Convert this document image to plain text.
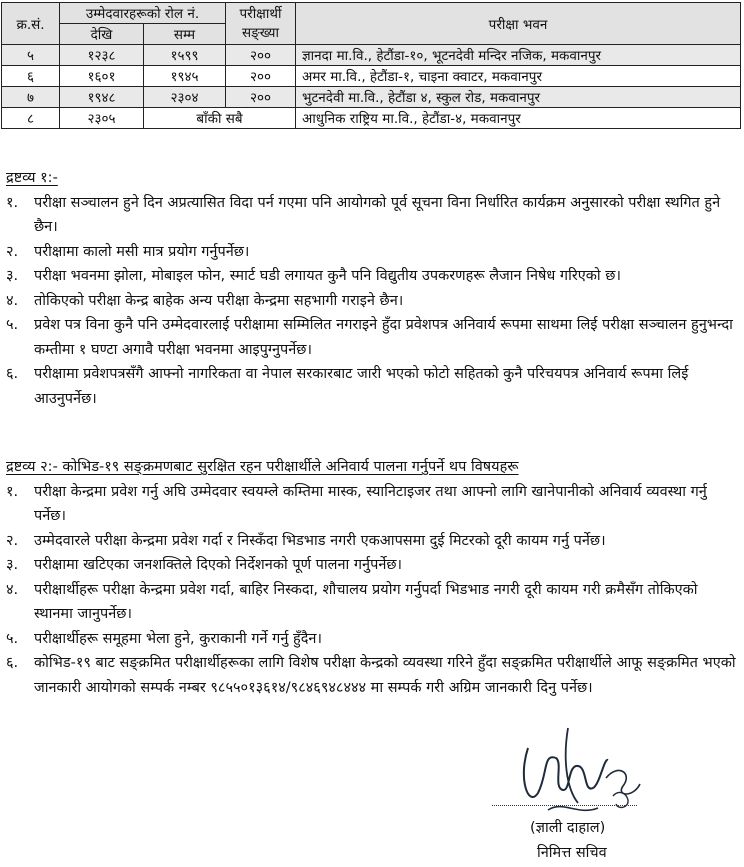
क्र.सं.	उम्मेदवारहरूको रोल नं.		परीक्षार्थी सङ्ख्या	परीक्षा भवन
	देखि	सम्म		
५	१२३८	१५९९	२००	ज्ञानदा मा.वि., हेटौंडा-१०, भूटनदेवी मन्दिर नजिक, मकवानपुर
६	१६०१	१९४५	२००	अमर मा.वि., हेटौंडा-१, चाइना क्वाटर, मकवानपुर
७	१९४८	२३०४	२००	भुटनदेवी मा.वि., हेटौंडा ४, स्कुल रोड, मकवानपुर
८	२३०५	बाँकी सबै		आधुनिक राष्ट्रिय मा.वि., हेटौंडा-४, मकवानपुर

द्रष्टव्य १:-

१.	परीक्षा सञ्चालन हुने दिन अप्रत्यासित विदा पर्न गएमा पनि आयोगको पूर्व सूचना विना निर्धारित कार्यक्रम अनुसारको परीक्षा स्थगित हुने छैन।
२.	परीक्षामा कालो मसी मात्र प्रयोग गर्नुपर्नेछ।
३.	परीक्षा भवनमा झोला, मोबाइल फोन, स्मार्ट घडी लगायत कुनै पनि विद्युतीय उपकरणहरू लैजान निषेध गरिएको छ।
४.	तोकिएको परीक्षा केन्द्र बाहेक अन्य परीक्षा केन्द्रमा सहभागी गराइने छैन।
५.	प्रवेश पत्र विना कुनै पनि उम्मेदवारलाई परीक्षामा सम्मिलित नगराइने हुँदा प्रवेशपत्र अनिवार्य रूपमा साथमा लिई परीक्षा सञ्चालन हुनुभन्दा कम्तीमा १ घण्टा अगावै परीक्षा भवनमा आइपुग्नुपर्नेछ।
६.	परीक्षामा प्रवेशपत्रसँगै आफ्नो नागरिकता वा नेपाल सरकारबाट जारी भएको फोटो सहितको कुनै परिचयपत्र अनिवार्य रूपमा लिई आउनुपर्नेछ।

द्रष्टव्य २:- कोभिड-१९ सङ्क्रमणबाट सुरक्षित रहन परीक्षार्थीले अनिवार्य पालना गर्नुपर्ने थप विषयहरू

१.	परीक्षा केन्द्रमा प्रवेश गर्नु अघि उम्मेदवार स्वयम्ले कम्तिमा मास्क, स्यानिटाइजर तथा आफ्नो लागि खानेपानीको अनिवार्य व्यवस्था गर्नु पर्नेछ।
२.	उम्मेदवारले परीक्षा केन्द्रमा प्रवेश गर्दा र निस्कँदा भिडभाड नगरी एकआपसमा दुई मिटरको दूरी कायम गर्नु पर्नेछ।
३.	परीक्षामा खटिएका जनशक्तिले दिएको निर्देशनको पूर्ण पालना गर्नुपर्नेछ।
४.	परीक्षार्थीहरू परीक्षा केन्द्रमा प्रवेश गर्दा, बाहिर निस्कदा, शौचालय प्रयोग गर्नुपर्दा भिडभाड नगरी दूरी कायम गरी क्रमैसँग तोकिएको स्थानमा जानुपर्नेछ।
५.	परीक्षार्थीहरू समूहमा भेला हुने, कुराकानी गर्ने गर्नु हुँदैन।
६.	कोभिड-१९ बाट सङ्क्रमित परीक्षार्थीहरूका लागि विशेष परीक्षा केन्द्रको व्यवस्था गरिने हुँदा सङ्क्रमित परीक्षार्थीले आफू सङ्क्रमित भएको जानकारी आयोगको सम्पर्क नम्बर ९८५५०१३६१४/९८४६९४८४४४ मा सम्पर्क गरी अग्रिम जानकारी दिनु पर्नेछ।
(ज्ञाली दाहाल)
निमित्त सचिव
